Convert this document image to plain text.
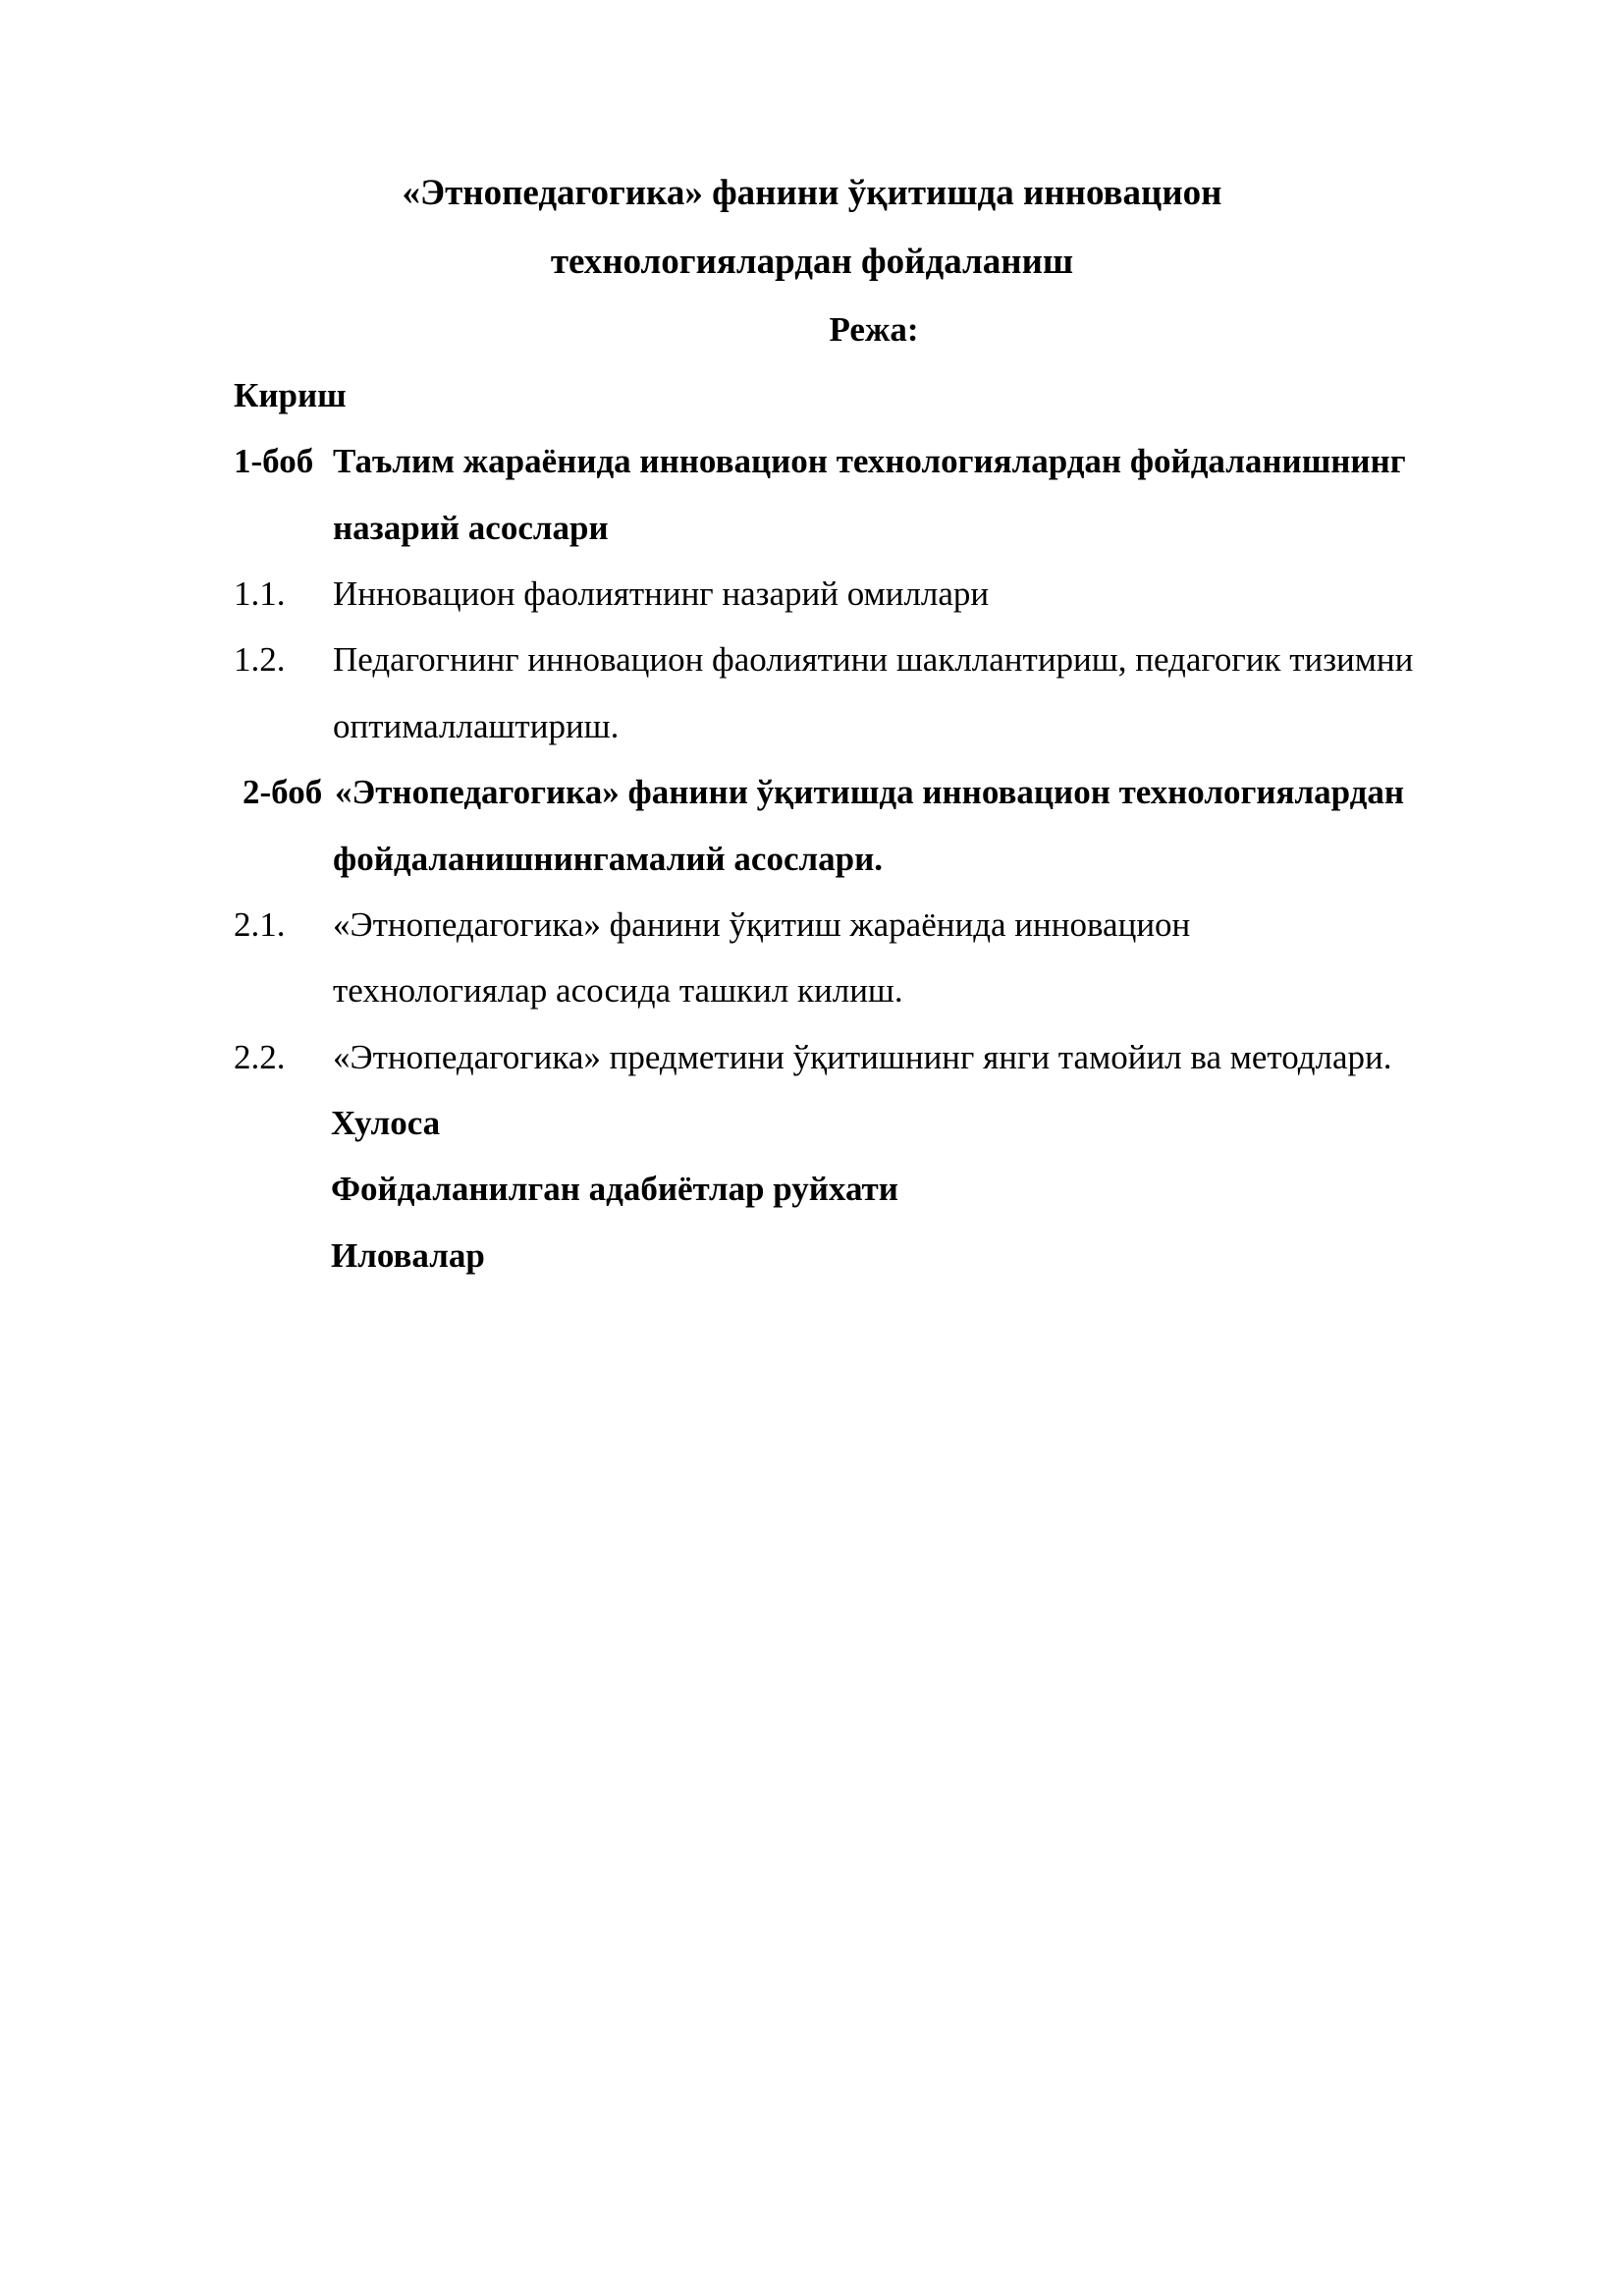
«Этнопедагогика» фанини ўқитишда инновацион
технологиялардан фойдаланиш
Режа:
Кириш
1-боб Таълим жараёнида инновацион технологиялардан фойдаланишнинг
назарий асослари
1.1. Инновацион фаолиятнинг назарий омиллари
1.2. Педагогнинг инновацион фаолиятини шакллантириш, педагогик тизимни
оптималлаштириш.
2-боб «Этнопедагогика» фанини ўқитишда инновацион технологиялардан
фойдаланишнингамалий асослари.
2.1. «Этнопедагогика» фанини ўқитиш жараёнида инновацион
технологиялар асосида ташкил килиш.
2.2. «Этнопедагогика» предметини ўқитишнинг янги тамойил ва методлари.
Хулоса
Фойдаланилган адабиётлар руйхати
Иловалар
